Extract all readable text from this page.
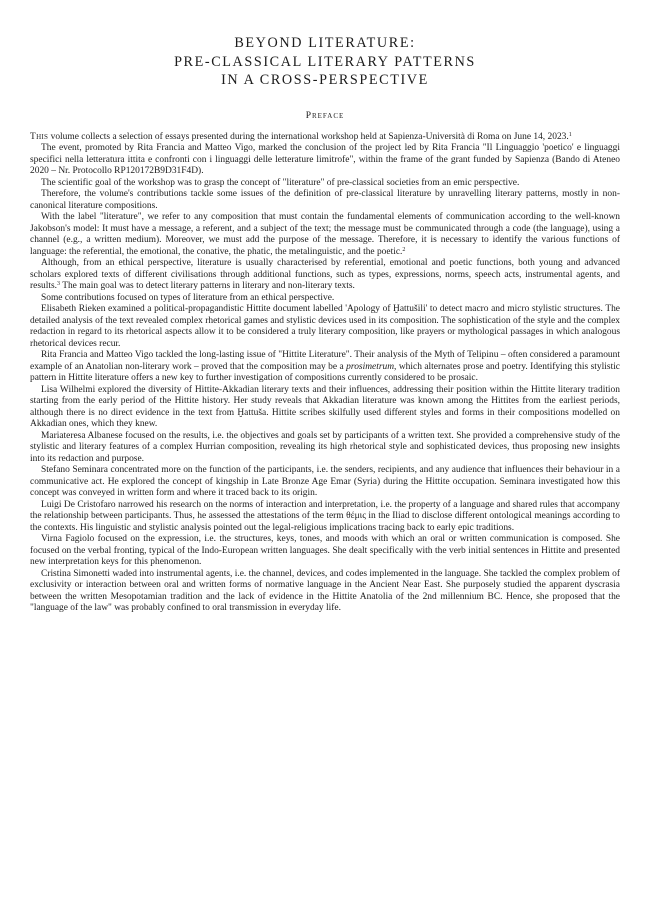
BEYOND LITERATURE:
PRE-CLASSICAL LITERARY PATTERNS
IN A CROSS-PERSPECTIVE
Preface

This volume collects a selection of essays presented during the international workshop held at Sapienza-Università di Roma on June 14, 2023.$^1$

The event, promoted by Rita Francia and Matteo Vigo, marked the conclusion of the project led by Rita Francia "Il Linguaggio 'poetico' e linguaggi specifici nella letteratura ittita e confronti con i linguaggi delle letterature limitrofe", within the frame of the grant funded by Sapienza (Bando di Ateneo 2020 – Nr. Protocollo RP120172B9D31F4D).

The scientific goal of the workshop was to grasp the concept of "literature" of pre-classical societies from an emic perspective.

Therefore, the volume's contributions tackle some issues of the definition of pre-classical literature by unravelling literary patterns, mostly in non-canonical literature compositions.

With the label "literature", we refer to any composition that must contain the fundamental elements of communication according to the well-known Jakobson's model: It must have a message, a referent, and a subject of the text; the message must be communicated through a code (the language), using a channel (e.g., a written medium). Moreover, we must add the purpose of the message. Therefore, it is necessary to identify the various functions of language: the referential, the emotional, the conative, the phatic, the metalinguistic, and the poetic.$^2$

Although, from an ethical perspective, literature is usually characterised by referential, emotional and poetic functions, both young and advanced scholars explored texts of different civilisations through additional functions, such as types, expressions, norms, speech acts, instrumental agents, and results.$^3$ The main goal was to detect literary patterns in literary and non-literary texts.

Some contributions focused on types of literature from an ethical perspective.

Elisabeth Rieken examined a political-propagandistic Hittite document labelled 'Apology of Ḫattušili' to detect macro and micro stylistic structures. The detailed analysis of the text revealed complex rhetorical games and stylistic devices used in its composition. The sophistication of the style and the complex redaction in regard to its rhetorical aspects allow it to be considered a truly literary composition, like prayers or mythological passages in which analogous rhetorical devices recur.

Rita Francia and Matteo Vigo tackled the long-lasting issue of "Hittite Literature". Their analysis of the Myth of Telipinu – often considered a paramount example of an Anatolian non-literary work – proved that the composition may be a prosimetrum, which alternates prose and poetry. Identifying this stylistic pattern in Hittite literature offers a new key to further investigation of compositions currently considered to be prosaic.

Lisa Wilhelmi explored the diversity of Hittite-Akkadian literary texts and their influences, addressing their position within the Hittite literary tradition starting from the early period of the Hittite history. Her study reveals that Akkadian literature was known among the Hittites from the earliest periods, although there is no direct evidence in the text from Ḫattuša. Hittite scribes skilfully used different styles and forms in their compositions modelled on Akkadian ones, which they knew.

Mariateresa Albanese focused on the results, i.e. the objectives and goals set by participants of a written text. She provided a comprehensive study of the stylistic and literary features of a complex Hurrian composition, revealing its high rhetorical style and sophisticated devices, thus proposing new insights into its redaction and purpose.

Stefano Seminara concentrated more on the function of the participants, i.e. the senders, recipients, and any audience that influences their behaviour in a communicative act. He explored the concept of kingship in Late Bronze Age Emar (Syria) during the Hittite occupation. Seminara investigated how this concept was conveyed in written form and where it traced back to its origin.

Luigi De Cristofaro narrowed his research on the norms of interaction and interpretation, i.e. the property of a language and shared rules that accompany the relationship between participants. Thus, he assessed the attestations of the term θέμις in the Iliad to disclose different ontological meanings according to the contexts. His linguistic and stylistic analysis pointed out the legal-religious implications tracing back to early epic traditions.

Virna Fagiolo focused on the expression, i.e. the structures, keys, tones, and moods with which an oral or written communication is composed. She focused on the verbal fronting, typical of the Indo-European written languages. She dealt specifically with the verb initial sentences in Hittite and presented new interpretation keys for this phenomenon.

Cristina Simonetti waded into instrumental agents, i.e. the channel, devices, and codes implemented in the language. She tackled the complex problem of exclusivity or interaction between oral and written forms of normative language in the Ancient Near East. She purposely studied the apparent dyscrasia between the written Mesopotamian tradition and the lack of evidence in the Hittite Anatolia of the 2nd millennium BC. Hence, she proposed that the "language of the law" was probably confined to oral transmission in everyday life.
